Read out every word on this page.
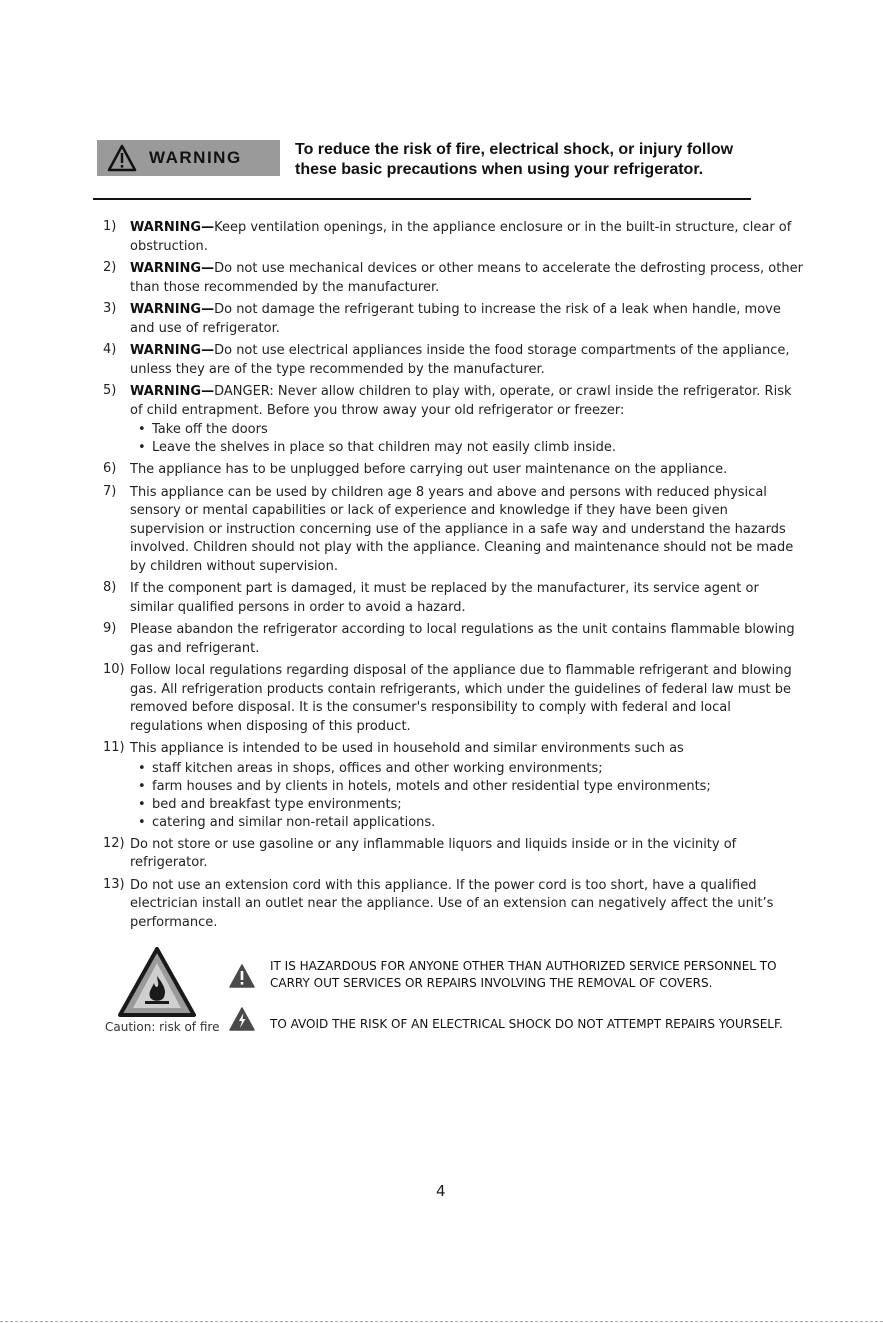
WARNING	To reduce the risk of fire, electrical shock, or injury follow
these basic precautions when using your refrigerator.
1) WARNING—Keep ventilation openings, in the appliance enclosure or in the built-in structure, clear of obstruction.
2) WARNING—Do not use mechanical devices or other means to accelerate the defrosting process, other than those recommended by the manufacturer.
3) WARNING—Do not damage the refrigerant tubing to increase the risk of a leak when handle, move and use of refrigerator.
4) WARNING—Do not use electrical appliances inside the food storage compartments of the appliance, unless they are of the type recommended by the manufacturer.
5) WARNING—DANGER: Never allow children to play with, operate, or crawl inside the refrigerator. Risk of child entrapment. Before you throw away your old refrigerator or freezer:
• Take off the doors
• Leave the shelves in place so that children may not easily climb inside.
6) The appliance has to be unplugged before carrying out user maintenance on the appliance.
7) This appliance can be used by children age 8 years and above and persons with reduced physical sensory or mental capabilities or lack of experience and knowledge if they have been given supervision or instruction concerning use of the appliance in a safe way and understand the hazards involved. Children should not play with the appliance. Cleaning and maintenance should not be made by children without supervision.
8) If the component part is damaged, it must be replaced by the manufacturer, its service agent or similar qualified persons in order to avoid a hazard.
9) Please abandon the refrigerator according to local regulations as the unit contains flammable blowing gas and refrigerant.
10) Follow local regulations regarding disposal of the appliance due to flammable refrigerant and blowing gas. All refrigeration products contain refrigerants, which under the guidelines of federal law must be removed before disposal. It is the consumer's responsibility to comply with federal and local regulations when disposing of this product.
11) This appliance is intended to be used in household and similar environments such as
• staff kitchen areas in shops, offices and other working environments;
• farm houses and by clients in hotels, motels and other residential type environments;
• bed and breakfast type environments;
• catering and similar non-retail applications.
12) Do not store or use gasoline or any inflammable liquors and liquids inside or in the vicinity of refrigerator.
13) Do not use an extension cord with this appliance. If the power cord is too short, have a qualified electrician install an outlet near the appliance. Use of an extension can negatively affect the unit’s performance.
Caution: risk of fire
IT IS HAZARDOUS FOR ANYONE OTHER THAN AUTHORIZED SERVICE PERSONNEL TO CARRY OUT SERVICES OR REPAIRS INVOLVING THE REMOVAL OF COVERS.
TO AVOID THE RISK OF AN ELECTRICAL SHOCK DO NOT ATTEMPT REPAIRS YOURSELF.
4
